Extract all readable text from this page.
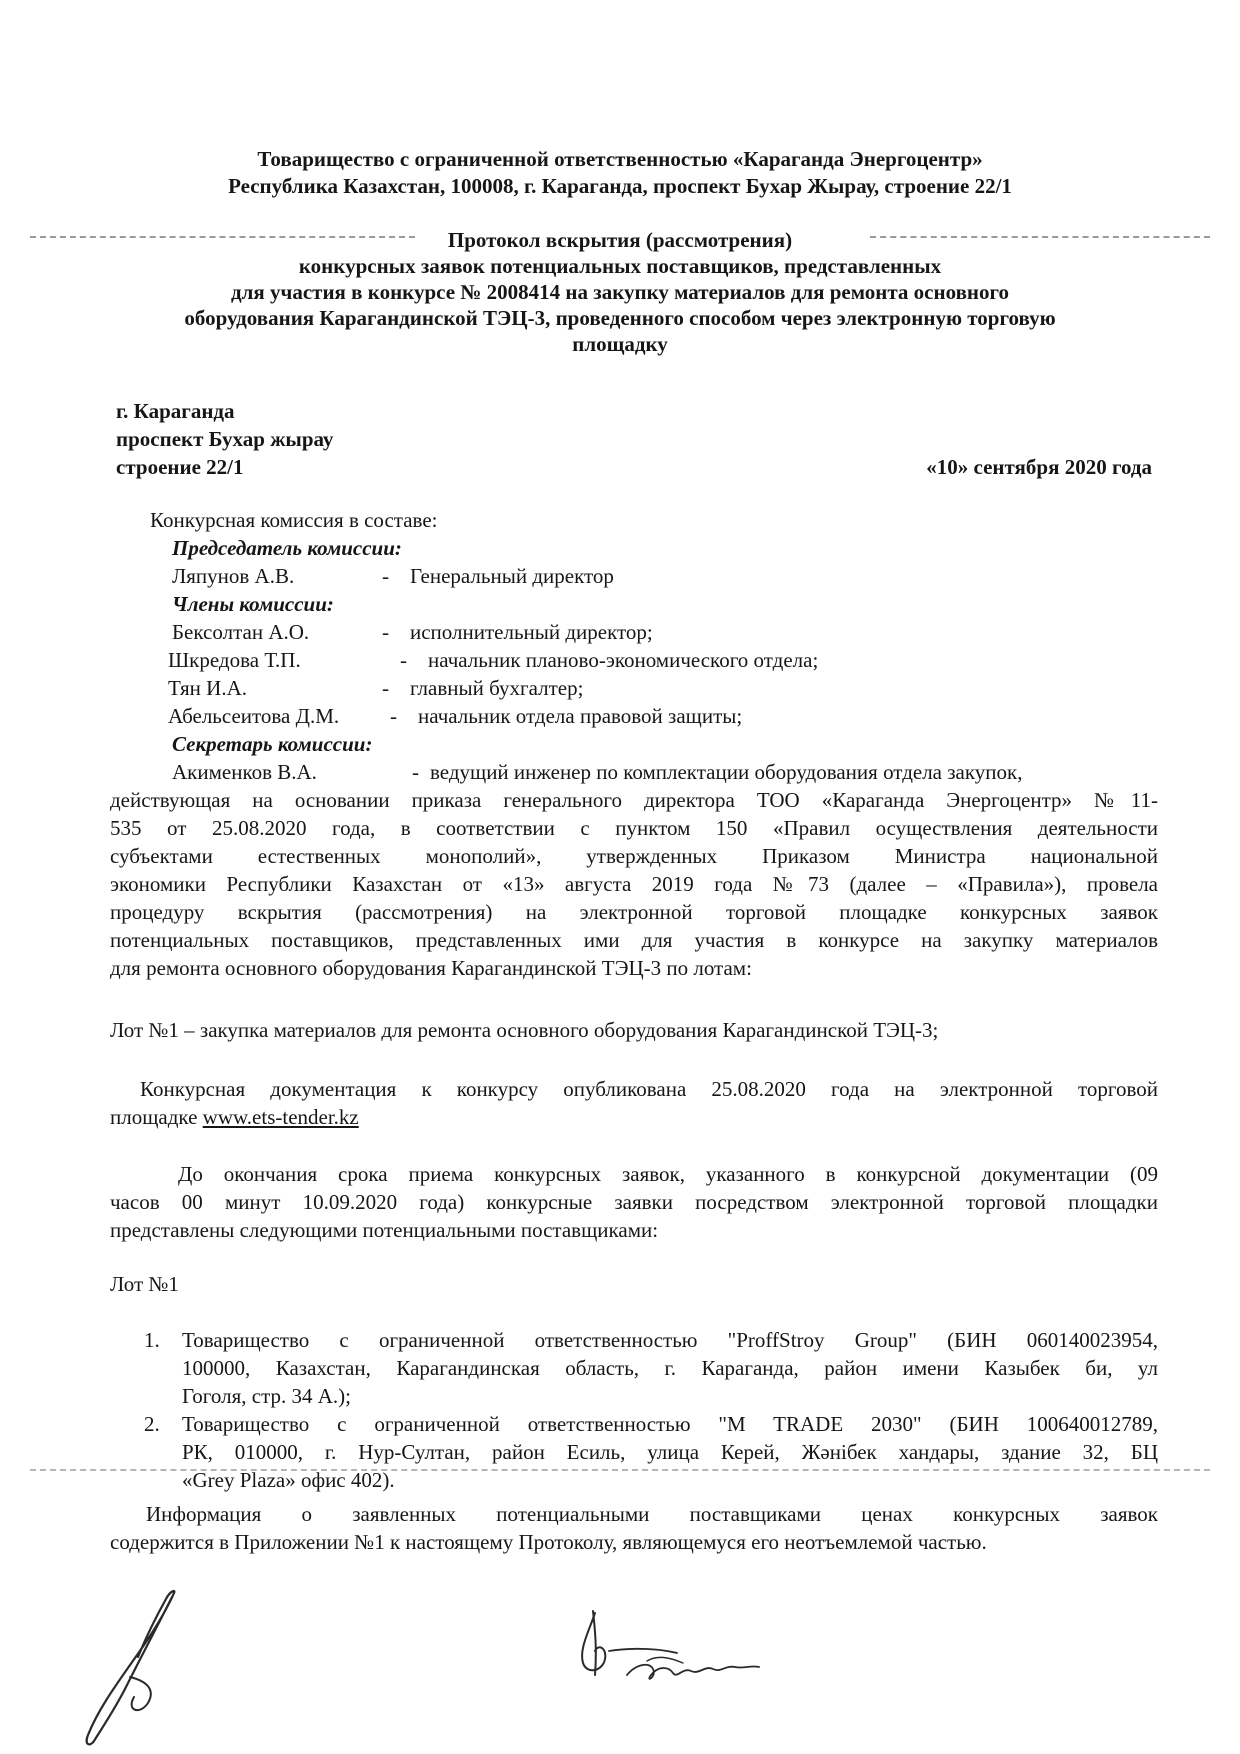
Товарищество с ограниченной ответственностью «Караганда Энергоцентр»
Республика Казахстан, 100008, г. Караганда, проспект Бухар Жырау, строение 22/1
Протокол вскрытия (рассмотрения)
конкурсных заявок потенциальных поставщиков, представленных
для участия в конкурсе № 2008414 на закупку материалов для ремонта основного
оборудования Карагандинской ТЭЦ-3, проведенного способом через электронную торговую
площадку
г. Караганда
проспект Бухар жырау
строение 22/1	«10» сентября 2020 года
Конкурсная комиссия в составе:
Председатель комиссии:
Ляпунов А.В.	- Генеральный директор
Члены комиссии:
Бексолтан А.О.	- исполнительный директор;
Шкредова Т.П.	- начальник планово-экономического отдела;
Тян И.А.	- главный бухгалтер;
Абельсеитова Д.М. - начальник отдела правовой защиты;
Секретарь комиссии:
Акименков В.А.	- ведущий инженер по комплектации оборудования отдела закупок,
действующая на основании приказа генерального директора ТОО «Караганда Энергоцентр» №11-
535 от 25.08.2020 года, в соответствии с пунктом 150 «Правил осуществления деятельности
субъектами естественных монополий», утвержденных Приказом Министра национальной
экономики Республики Казахстан от «13» августа 2019 года №73 (далее – «Правила»), провела
процедуру вскрытия (рассмотрения) на электронной торговой площадке конкурсных заявок
потенциальных поставщиков, представленных ими для участия в конкурсе на закупку материалов
для ремонта основного оборудования Карагандинской ТЭЦ-3 по лотам:
Лот №1 – закупка материалов для ремонта основного оборудования Карагандинской ТЭЦ-3;
Конкурсная документация к конкурсу опубликована 25.08.2020 года на электронной торговой
площадке www.ets-tender.kz
До окончания срока приема конкурсных заявок, указанного в конкурсной документации (09
часов 00 минут 10.09.2020 года) конкурсные заявки посредством электронной торговой площадки
представлены следующими потенциальными поставщиками:
Лот №1
1. Товарищество с ограниченной ответственностью "ProffStroy Group" (БИН 060140023954,
100000, Казахстан, Карагандинская область, г. Караганда, район имени Казыбек би, ул
Гоголя, стр. 34 А.);
2. Товарищество с ограниченной ответственностью "M TRADE 2030" (БИН 100640012789,
РК, 010000, г. Нур-Султан, район Есиль, улица Керей, Жәнібек хандары, здание 32, БЦ
«Grey Plaza» офис 402).
Информация о заявленных потенциальными поставщиками ценах конкурсных заявок
содержится в Приложении №1 к настоящему Протоколу, являющемуся его неотъемлемой частью.
